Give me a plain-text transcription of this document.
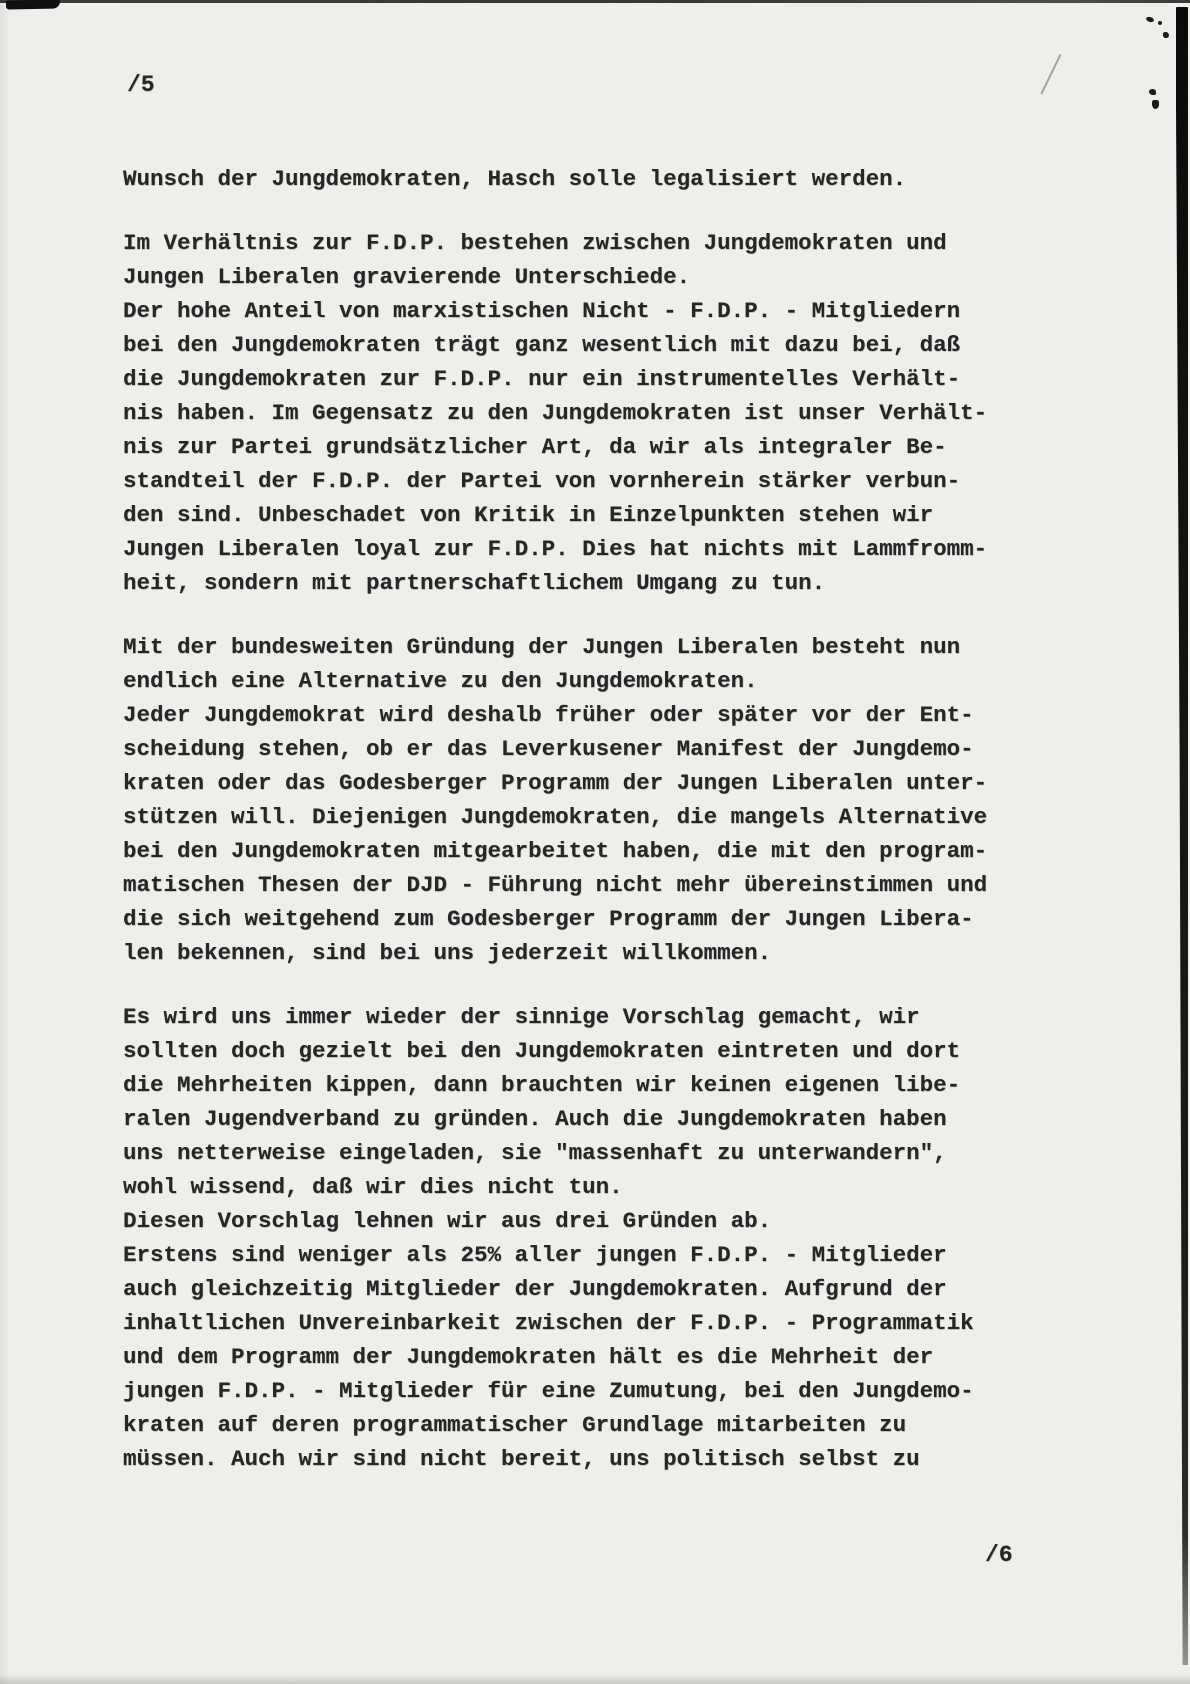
/5
/6

Wunsch der Jungdemokraten, Hasch solle legalisiert werden.

Im Verhältnis zur F.D.P. bestehen zwischen Jungdemokraten und
Jungen Liberalen gravierende Unterschiede.
Der hohe Anteil von marxistischen Nicht - F.D.P. - Mitgliedern
bei den Jungdemokraten trägt ganz wesentlich mit dazu bei, daß
die Jungdemokraten zur F.D.P. nur ein instrumentelles Verhält-
nis haben. Im Gegensatz zu den Jungdemokraten ist unser Verhält-
nis zur Partei grundsätzlicher Art, da wir als integraler Be-
standteil der F.D.P. der Partei von vornherein stärker verbun-
den sind. Unbeschadet von Kritik in Einzelpunkten stehen wir
Jungen Liberalen loyal zur F.D.P. Dies hat nichts mit Lammfromm-
heit, sondern mit partnerschaftlichem Umgang zu tun.

Mit der bundesweiten Gründung der Jungen Liberalen besteht nun
endlich eine Alternative zu den Jungdemokraten.
Jeder Jungdemokrat wird deshalb früher oder später vor der Ent-
scheidung stehen, ob er das Leverkusener Manifest der Jungdemo-
kraten oder das Godesberger Programm der Jungen Liberalen unter-
stützen will. Diejenigen Jungdemokraten, die mangels Alternative
bei den Jungdemokraten mitgearbeitet haben, die mit den program-
matischen Thesen der DJD - Führung nicht mehr übereinstimmen und
die sich weitgehend zum Godesberger Programm der Jungen Libera-
len bekennen, sind bei uns jederzeit willkommen.

Es wird uns immer wieder der sinnige Vorschlag gemacht, wir
sollten doch gezielt bei den Jungdemokraten eintreten und dort
die Mehrheiten kippen, dann brauchten wir keinen eigenen libe-
ralen Jugendverband zu gründen. Auch die Jungdemokraten haben
uns netterweise eingeladen, sie "massenhaft zu unterwandern",
wohl wissend, daß wir dies nicht tun.
Diesen Vorschlag lehnen wir aus drei Gründen ab.
Erstens sind weniger als 25% aller jungen F.D.P. - Mitglieder
auch gleichzeitig Mitglieder der Jungdemokraten. Aufgrund der
inhaltlichen Unvereinbarkeit zwischen der F.D.P. - Programmatik
und dem Programm der Jungdemokraten hält es die Mehrheit der
jungen F.D.P. - Mitglieder für eine Zumutung, bei den Jungdemo-
kraten auf deren programmatischer Grundlage mitarbeiten zu
müssen. Auch wir sind nicht bereit, uns politisch selbst zu
